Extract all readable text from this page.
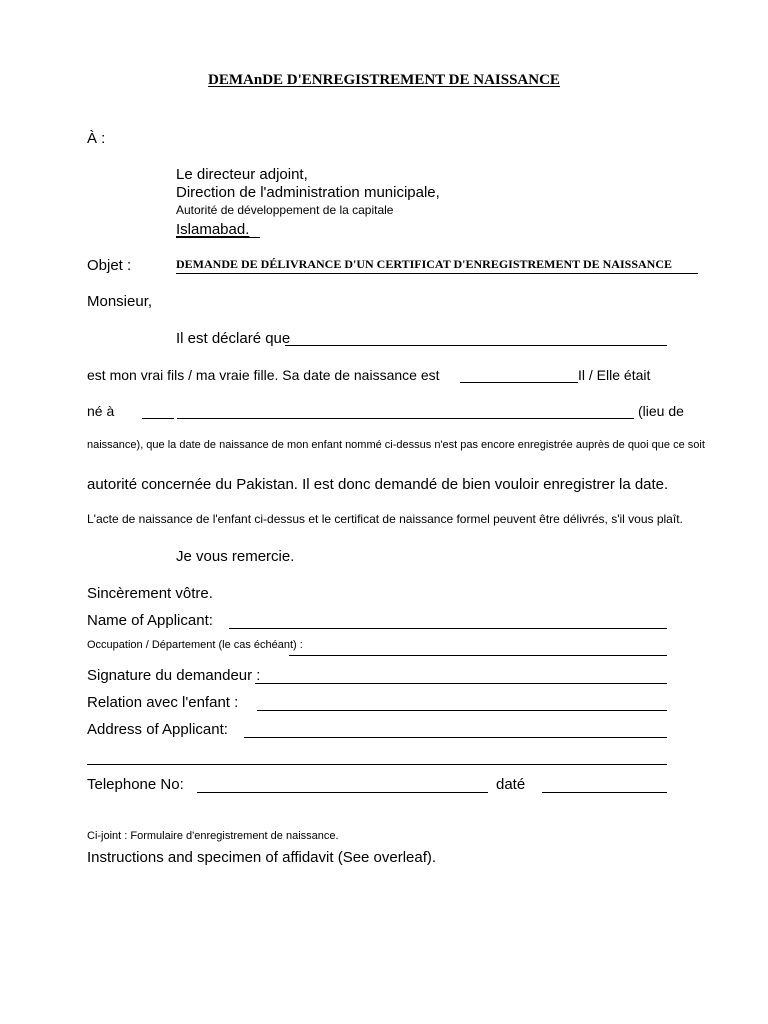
DEMAnDE D'ENREGISTREMENT DE NAISSANCE
À :
Le directeur adjoint,
Direction de l'administration municipale,
Autorité de développement de la capitale
Islamabad.
Objet :	DEMANDE DE DÉLIVRANCE D'UN CERTIFICAT D'ENREGISTREMENT DE NAISSANCE
Monsieur,
Il est déclaré que
est mon vrai fils / ma vraie fille. Sa date de naissance est	Il / Elle était
né à	(lieu de
naissance), que la date de naissance de mon enfant nommé ci-dessus n'est pas encore enregistrée auprès de quoi que ce soit
autorité concernée du Pakistan. Il est donc demandé de bien vouloir enregistrer la date.
L'acte de naissance de l'enfant ci-dessus et le certificat de naissance formel peuvent être délivrés, s'il vous plaît.
Je vous remercie.
Sincèrement vôtre.
Name of Applicant:
Occupation / Département (le cas échéant) :
Signature du demandeur :
Relation avec l'enfant :
Address of Applicant:
Telephone No:	daté
Ci-joint : Formulaire d'enregistrement de naissance.
Instructions and specimen of affidavit (See overleaf).
